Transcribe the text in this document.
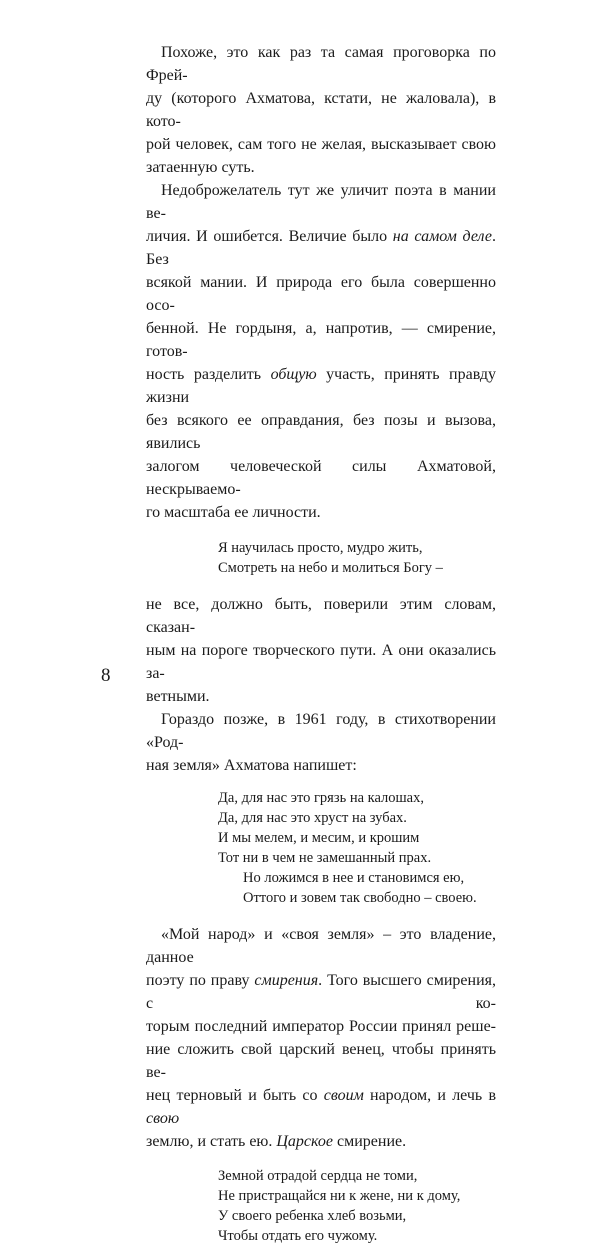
Похоже, это как раз та самая проговорка по Фрей-
ду (которого Ахматова, кстати, не жаловала), в кото-
рой человек, сам того не желая, высказывает свою
затаенную суть.

Недоброжелатель тут же уличит поэта в мании ве-
личия. И ошибется. Величие было на самом деле. Без
всякой мании. И природа его была совершенно осо-
бенной. Не гордыня, а, напротив, — смирение, готов-
ность разделить общую участь, принять правду жизни
без всякого ее оправдания, без позы и вызова, явились
залогом человеческой силы Ахматовой, нескрываемо-
го масштаба ее личности.

Я научилась просто, мудро жить,
Смотреть на небо и молиться Богу –

не все, должно быть, поверили этим словам, сказан-
ным на пороге творческого пути. А они оказались за-
ветными.

Гораздо позже, в 1961 году, в стихотворении «Род-
ная земля» Ахматова напишет:

Да, для нас это грязь на калошах,
Да, для нас это хруст на зубах.
И мы мелем, и месим, и крошим
Тот ни в чем не замешанный прах.
Но ложимся в нее и становимся ею,
Оттого и зовем так свободно – своею.

«Мой народ» и «своя земля» – это владение, данное
поэту по праву смирения. Того высшего смирения, с ко-
торым последний император России принял реше-
ние сложить свой царский венец, чтобы принять ве-
нец терновый и быть со своим народом, и лечь в свою
землю, и стать ею. Царское смирение.

Земной отрадой сердца не томи,
Не пристращайся ни к жене, ни к дому,
У своего ребенка хлеб возьми,
Чтобы отдать его чужому.
8
